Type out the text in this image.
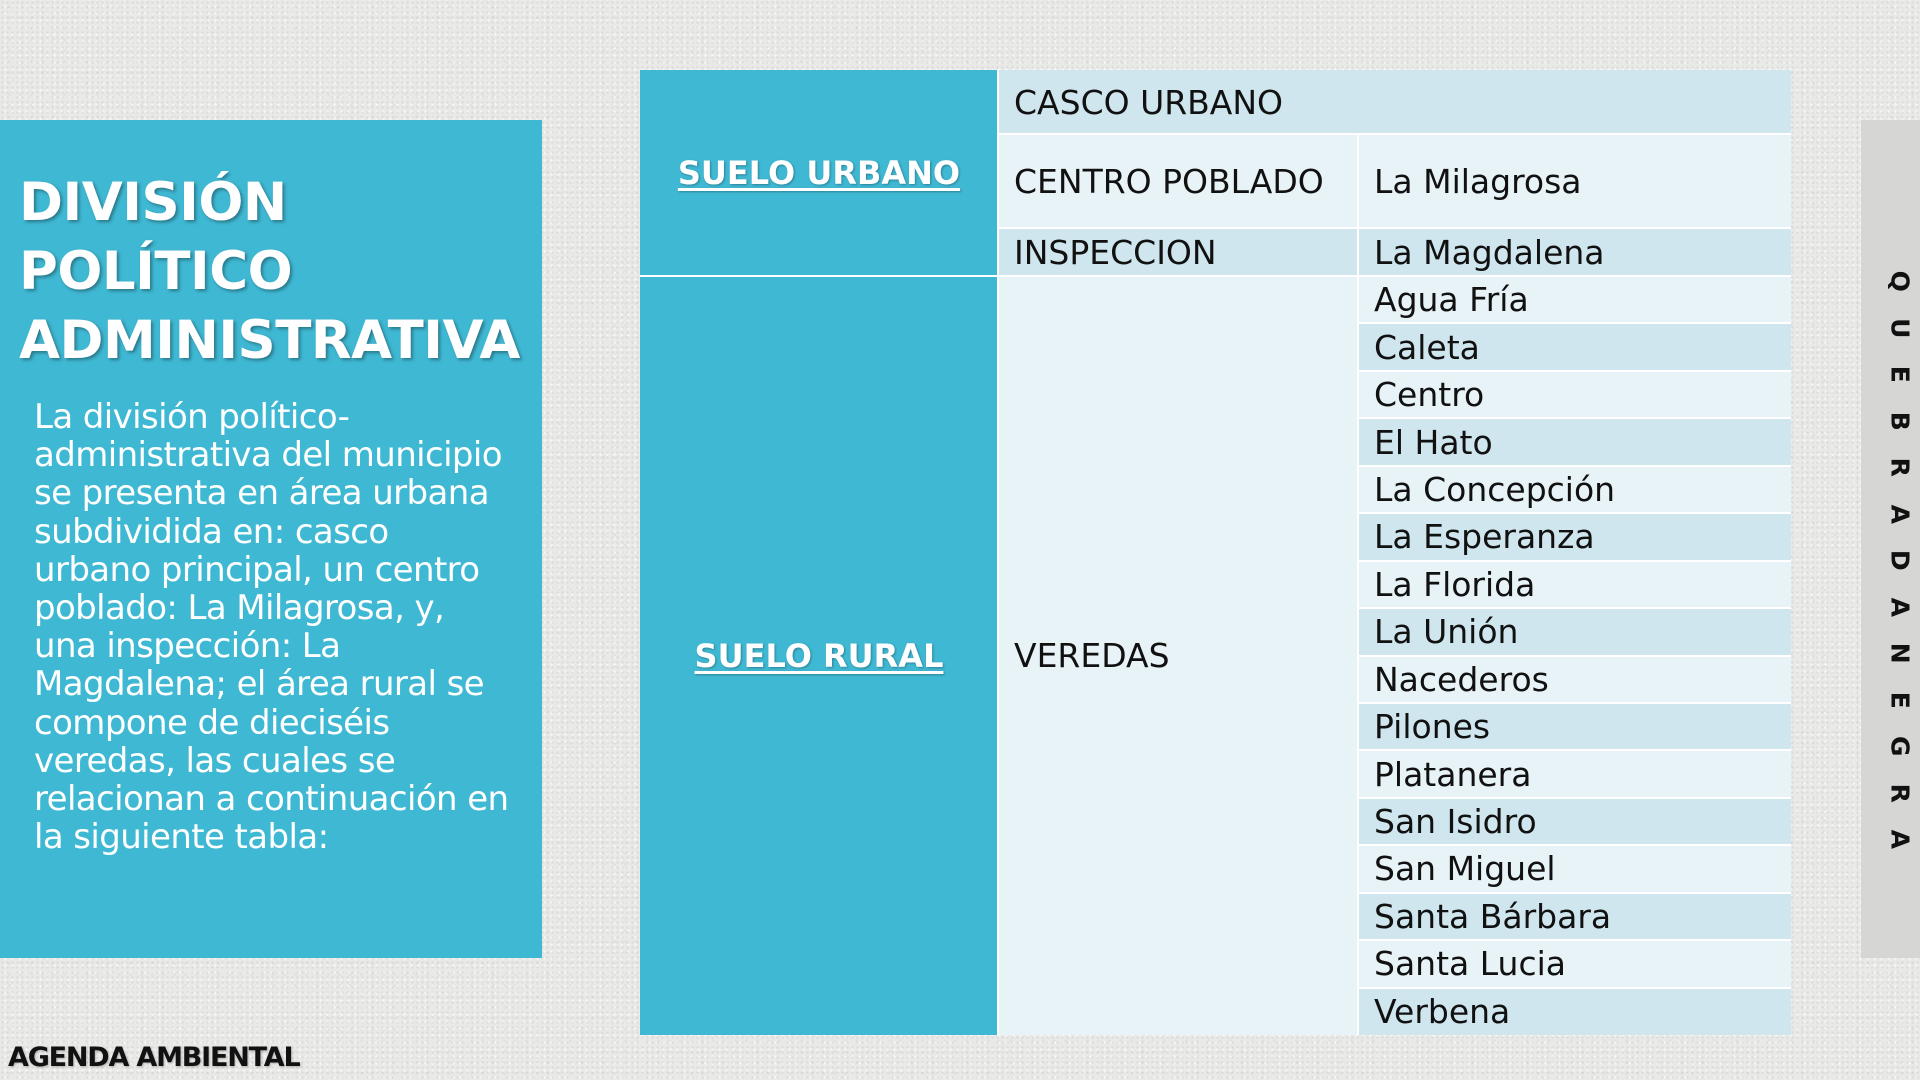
DIVISIÓN
POLÍTICO
ADMINISTRATIVA
La división político-administrativa del municipio se presenta en área urbana subdividida en: casco urbano principal, un centro poblado: La Milagrosa, y, una inspección: La Magdalena; el área rural se compone de dieciséis veredas, las cuales se relacionan a continuación en la siguiente tabla:
AGENDA AMBIENTAL
Q
U
E
B
R
A
D
A
N
E
G
R
A
SUELO URBANO
SUELO RURAL
CASCO URBANO
CENTRO POBLADO	La Milagrosa
INSPECCION	La Magdalena
VEREDAS
Agua Fría
Caleta
Centro
El Hato
La Concepción
La Esperanza
La Florida
La Unión
Nacederos
Pilones
Platanera
San Isidro
San Miguel
Santa Bárbara
Santa Lucia
Verbena
